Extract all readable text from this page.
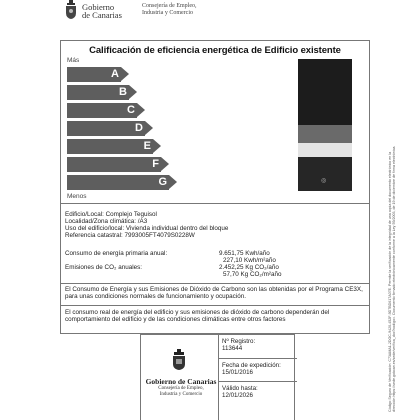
Gobierno
de Canarias
Consejería de Empleo,
Industria y Comercio
Calificación de eficiencia energética de Edificio existente
Más
A
B
C
D
E
F
G	◎
Menos
Edificio/Local: Complejo Teguisol
Localidad/Zona climática: /A3
Uso del edificio/local: Vivienda individual dentro del bloque
Referencia catastral: 7993005FT4079S0228W
Consumo de energía primaria anual:	9.651,75 Kwh/año
227,10 Kwh/m²año
Emisiones de CO₂ anuales:	2.452,25 Kg CO₂/año
57,70 Kg CO₂/m²año
El Consumo de Energía y sus Emisiones de Dióxido de Carbono son las obtenidas por el Programa CE3X,
para unas condiciones normales de funcionamiento y ocupación.
El consumo real de energía del edificio y sus emisiones de dióxido de carbono dependerán del
comportamiento del edificio y de las condiciones climáticas entre otros factores
Gobierno de Canarias
Consejería de Empleo,
Industria y Comercio
Nº Registro:
113644
Fecha de expedición:
15/01/2016
Válido hasta:
12/01/2026	Código Seguro de Verificación: C73AMA1-2DOC-9420-452F-9D7BD617A07E. Permite la verificación de la integridad de una copia del documento electrónico en la dirección https://sede.gobcan.es/sede/verifica_doc?codigo=. Documento firmado electrónicamente conforme a la Ley 59/2003, de 19 de diciembre de firma electrónica.
